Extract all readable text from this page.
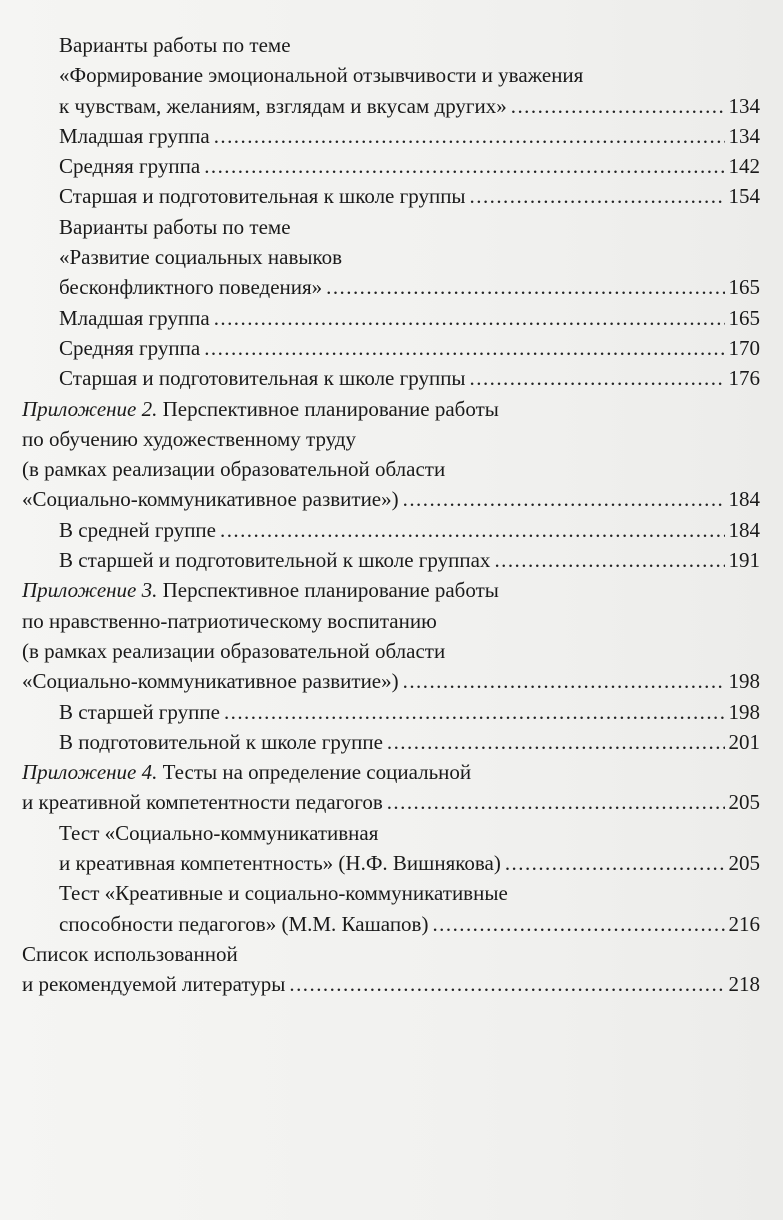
Варианты работы по теме
«Формирование эмоциональной отзывчивости и уважения
к чувствам, желаниям, взглядам и вкусам других» . . .	134
Младшая группа . . .	134
Средняя группа . . .	142
Старшая и подготовительная к школе группы . . .	154
Варианты работы по теме
«Развитие социальных навыков
бесконфликтного поведения» . . .	165
Младшая группа . . .	165
Средняя группа . . .	170
Старшая и подготовительная к школе группы . . .	176
Приложение 2. Перспективное планирование работы
по обучению художественному труду
(в рамках реализации образовательной области
«Социально-коммуникативное развитие») . . .	184
В средней группе . . .	184
В старшей и подготовительной к школе группах . . .	191
Приложение 3. Перспективное планирование работы
по нравственно-патриотическому воспитанию
(в рамках реализации образовательной области
«Социально-коммуникативное развитие») . . .	198
В старшей группе . . .	198
В подготовительной к школе группе . . .	201
Приложение 4. Тесты на определение социальной
и креативной компетентности педагогов . . .	205
Тест «Социально-коммуникативная
и креативная компетентность» (Н.Ф. Вишнякова) . . .	205
Тест «Креативные и социально-коммуникативные
способности педагогов» (М.М. Кашапов) . . .	216
Список использованной
и рекомендуемой литературы . . .	218
